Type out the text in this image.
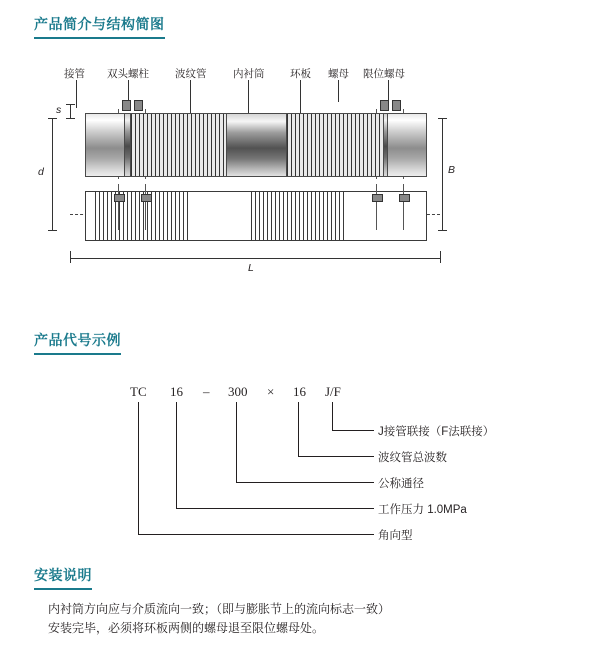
产品简介与结构简图
接管 双头螺柱 波纹管	内衬筒 环板 螺母 限位螺母
s
d	B
L
产品代号示例
TC 16 – 300 × 16 J/F
J接管联接（F法联接）
波纹管总波数
公称通径
工作压力 1.0MPa
角向型
安装说明

内衬筒方向应与介质流向一致；（即与膨胀节上的流向标志一致）

安装完毕，必须将环板两侧的螺母退至限位螺母处。
